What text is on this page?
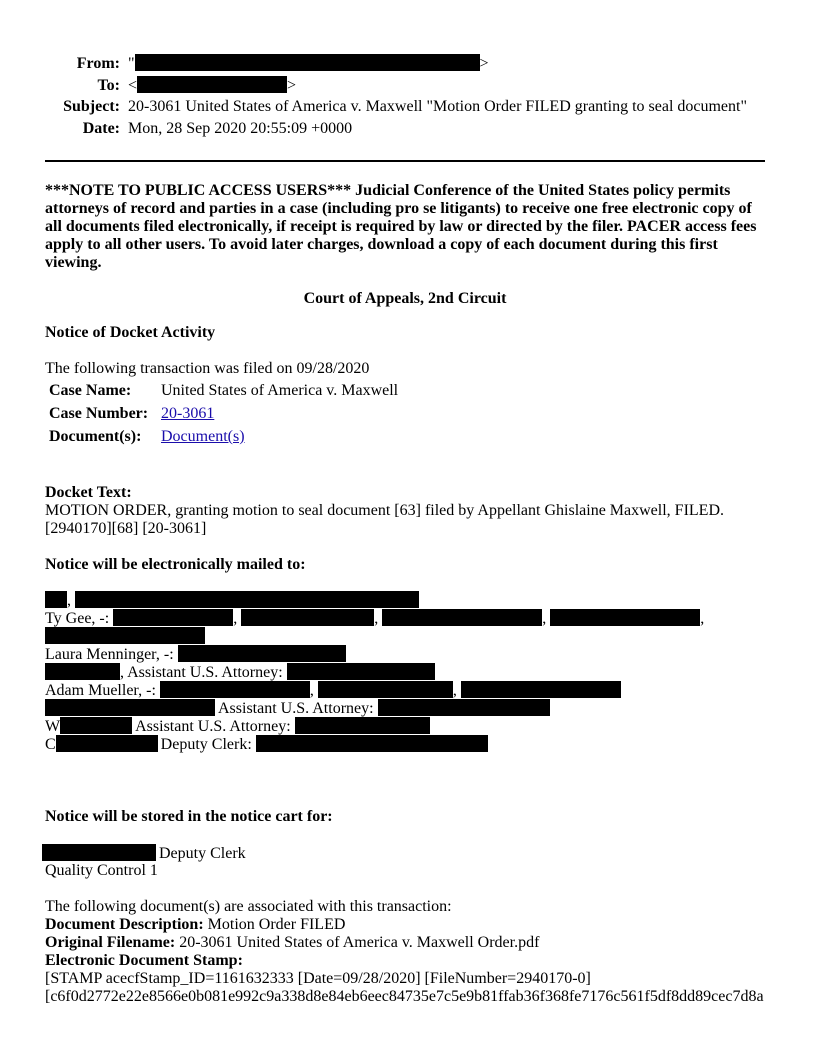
From: "	>
To: <	>
Subject: 20-3061 United States of America v. Maxwell "Motion Order FILED granting to seal document"
Date: Mon, 28 Sep 2020 20:55:09 +0000
***NOTE TO PUBLIC ACCESS USERS*** Judicial Conference of the United States policy permits attorneys of record and parties in a case (including pro se litigants) to receive one free electronic copy of all documents filed electronically, if receipt is required by law or directed by the filer. PACER access fees apply to all other users. To avoid later charges, download a copy of each document during this first viewing.
Court of Appeals, 2nd Circuit
Notice of Docket Activity
The following transaction was filed on 09/28/2020
Case Name: United States of America v. Maxwell
Case Number: 20-3061
Document(s): Document(s)
Docket Text:
MOTION ORDER, granting motion to seal document [63] filed by Appellant Ghislaine Maxwell, FILED.
[2940170][68] [20-3061]
Notice will be electronically mailed to:
,
Ty Gee, -:	,	,	,	,
Laura Menninger, -:
, Assistant U.S. Attorney:
Adam Mueller, -:	,	,
Assistant U.S. Attorney:
W	Assistant U.S. Attorney:
C	Deputy Clerk:
Notice will be stored in the notice cart for:
Deputy Clerk
Quality Control 1
The following document(s) are associated with this transaction:
Document Description: Motion Order FILED
Original Filename: 20-3061 United States of America v. Maxwell Order.pdf
Electronic Document Stamp:
[STAMP acecfStamp_ID=1161632333 [Date=09/28/2020] [FileNumber=2940170-0]
[c6f0d2772e22e8566e0b081e992c9a338d8e84eb6eec84735e7c5e9b81ffab36f368fe7176c561f5df8dd89cec7d8a
